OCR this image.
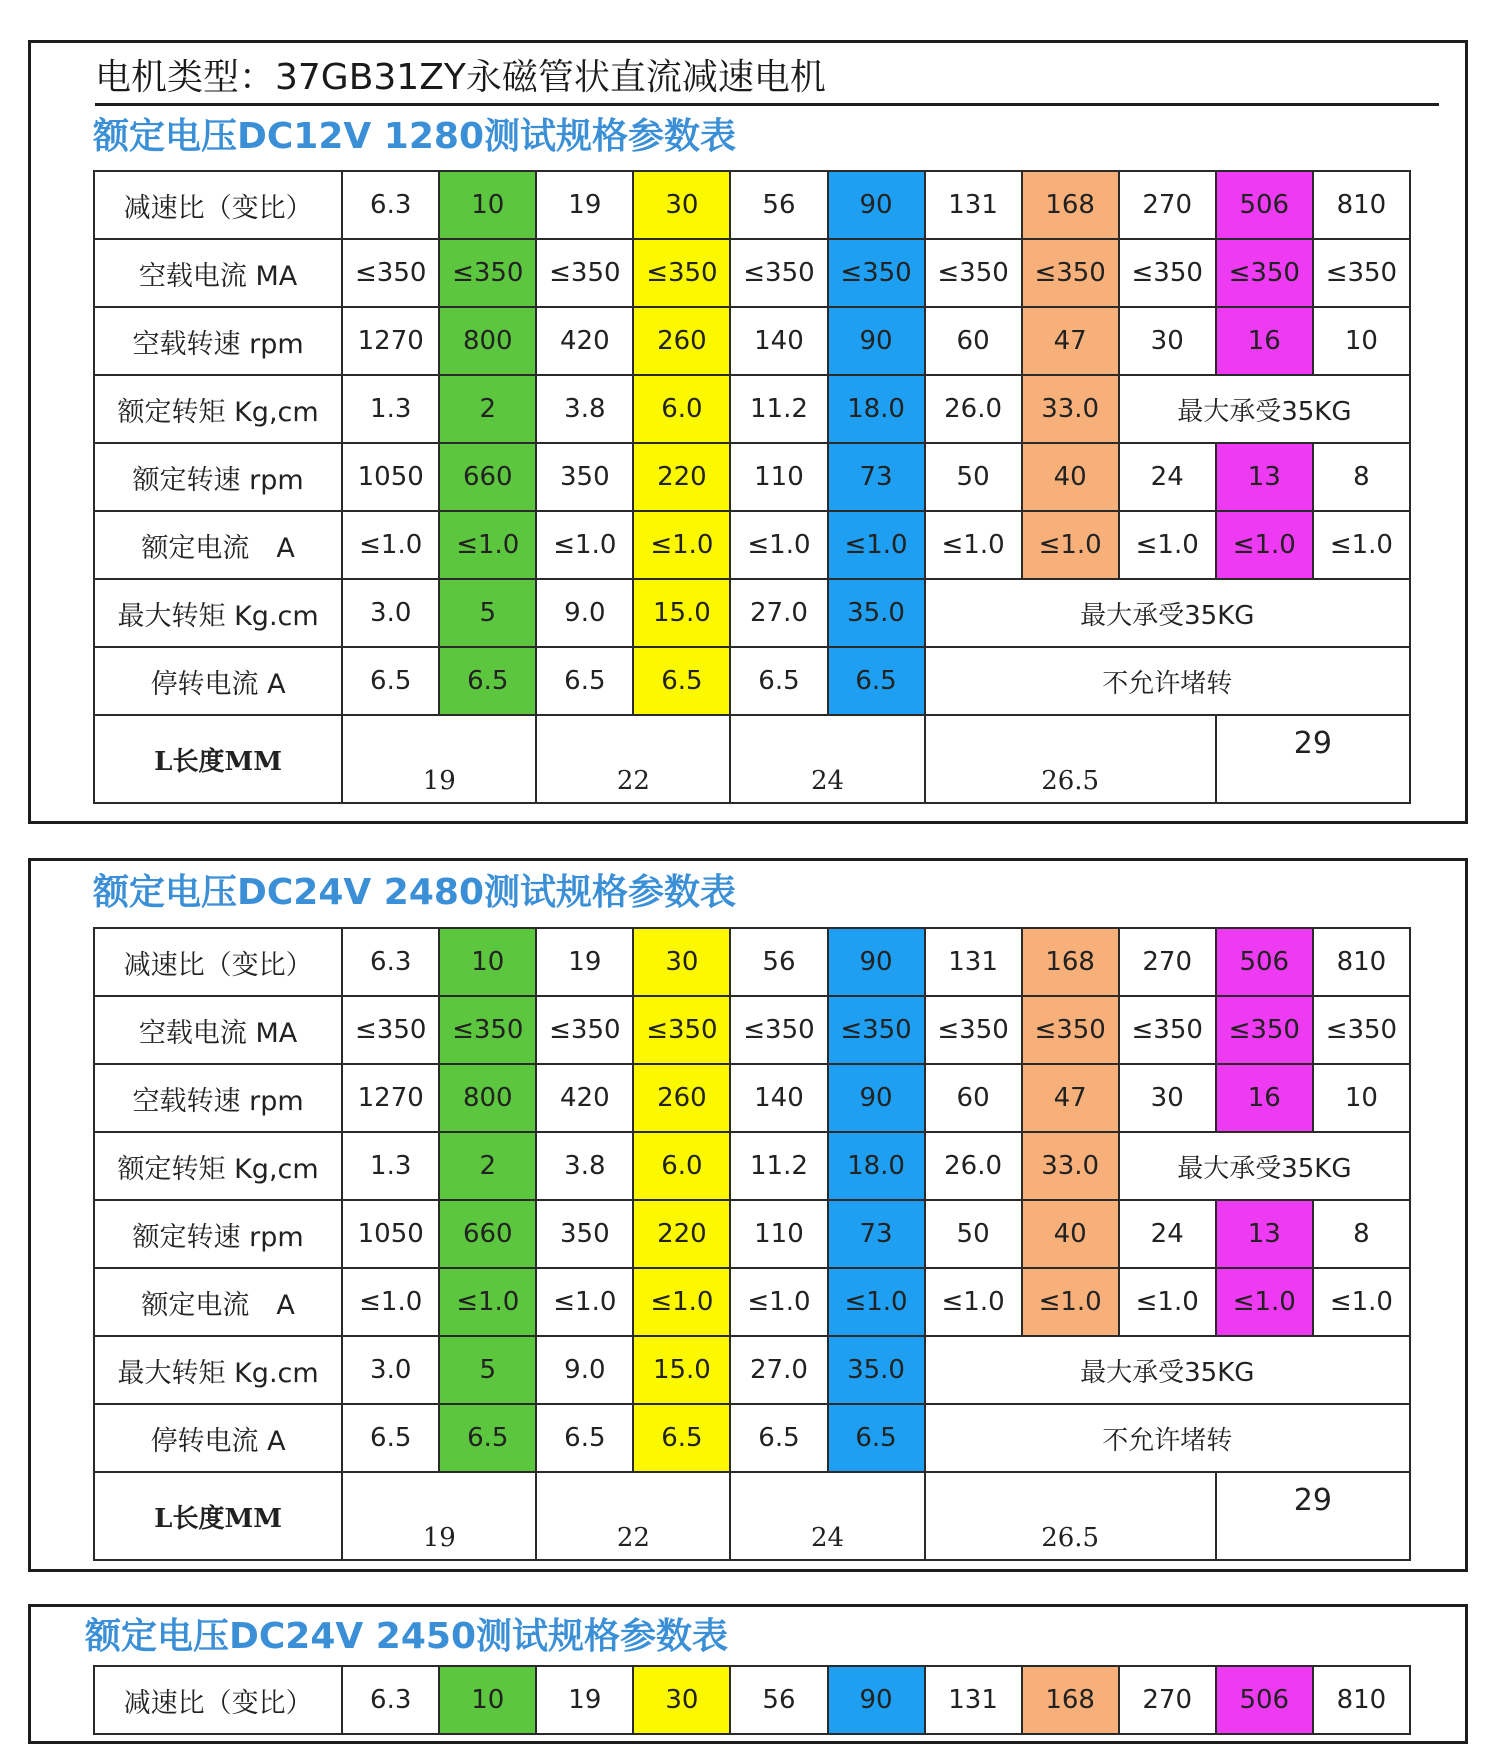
电机类型：37GB31ZY永磁管状直流减速电机
额定电压DC12V 1280测试规格参数表
减速比（变比）	6.3	10	19	30	56	90	131	168	270	506	810
空载电流 MA	≤350	≤350	≤350	≤350	≤350	≤350	≤350	≤350	≤350	≤350	≤350
空载转速 rpm	1270	800	420	260	140	90	60	47	30	16	10
额定转矩 Kg,cm	1.3	2	3.8	6.0	11.2	18.0	26.0	33.0	最大承受35KG		
额定转速 rpm	1050	660	350	220	110	73	50	40	24	13	8
额定电流　A	≤1.0	≤1.0	≤1.0	≤1.0	≤1.0	≤1.0	≤1.0	≤1.0	≤1.0	≤1.0	≤1.0
最大转矩 Kg.cm	3.0	5	9.0	15.0	27.0	35.0	最大承受35KG				
停转电流 A	6.5	6.5	6.5	6.5	6.5	6.5	不允许堵转				
L长度MM	19		22		24		26.5			29	
额定电压DC24V 2480测试规格参数表
减速比（变比）	6.3	10	19	30	56	90	131	168	270	506	810
空载电流 MA	≤350	≤350	≤350	≤350	≤350	≤350	≤350	≤350	≤350	≤350	≤350
空载转速 rpm	1270	800	420	260	140	90	60	47	30	16	10
额定转矩 Kg,cm	1.3	2	3.8	6.0	11.2	18.0	26.0	33.0	最大承受35KG		
额定转速 rpm	1050	660	350	220	110	73	50	40	24	13	8
额定电流　A	≤1.0	≤1.0	≤1.0	≤1.0	≤1.0	≤1.0	≤1.0	≤1.0	≤1.0	≤1.0	≤1.0
最大转矩 Kg.cm	3.0	5	9.0	15.0	27.0	35.0	最大承受35KG				
停转电流 A	6.5	6.5	6.5	6.5	6.5	6.5	不允许堵转				
L长度MM	19		22		24		26.5			29	
额定电压DC24V 2450测试规格参数表
减速比（变比）	6.3	10	19	30	56	90	131	168	270	506	810
